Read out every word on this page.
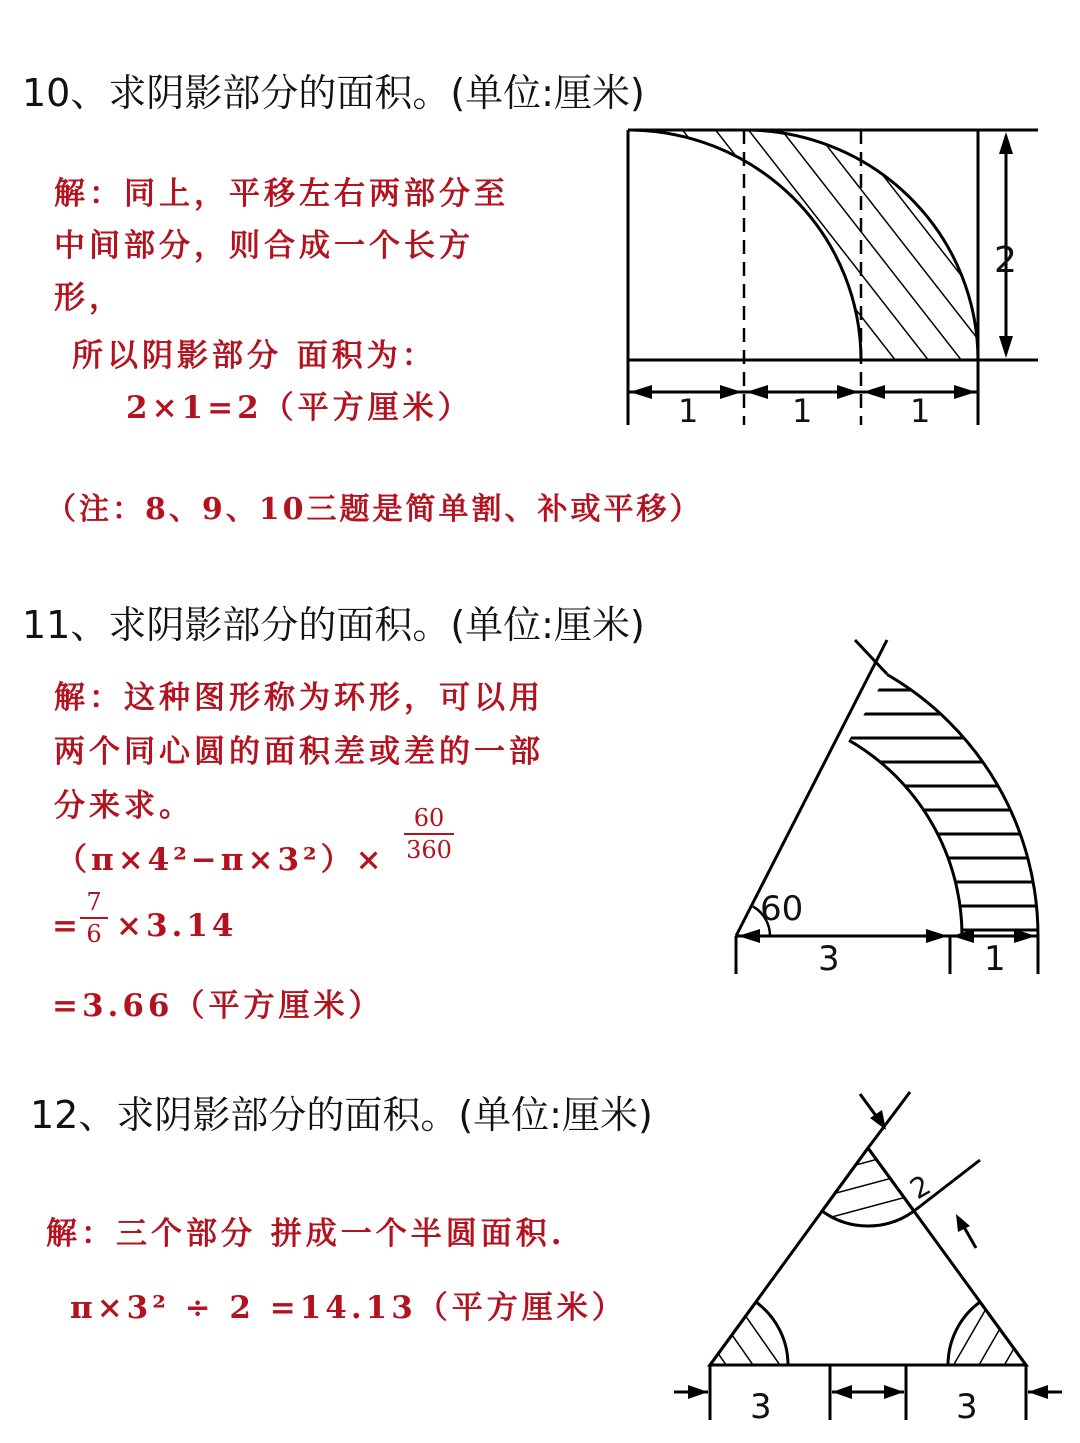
10、求阴影部分的面积。(单位:厘米)
解：同上，平移左右两部分至
中间部分，则合成一个长方
形，
所以阴影部分 面积为：
2×1=2（平方厘米）
（注：8、9、10三题是简单割、补或平移）
2
1	1	1
11、求阴影部分的面积。(单位:厘米)
解：这种图形称为环形，可以用
两个同心圆的面积差或差的一部
分来求。
（π×4²−π×3²）×
60
360
=
7
6 ×3.14
=3.66（平方厘米）
60
3	1
12、求阴影部分的面积。(单位:厘米)
解：三个部分 拼成一个半圆面积.
π×3² ÷ 2 =14.13（平方厘米）
2
3	3
